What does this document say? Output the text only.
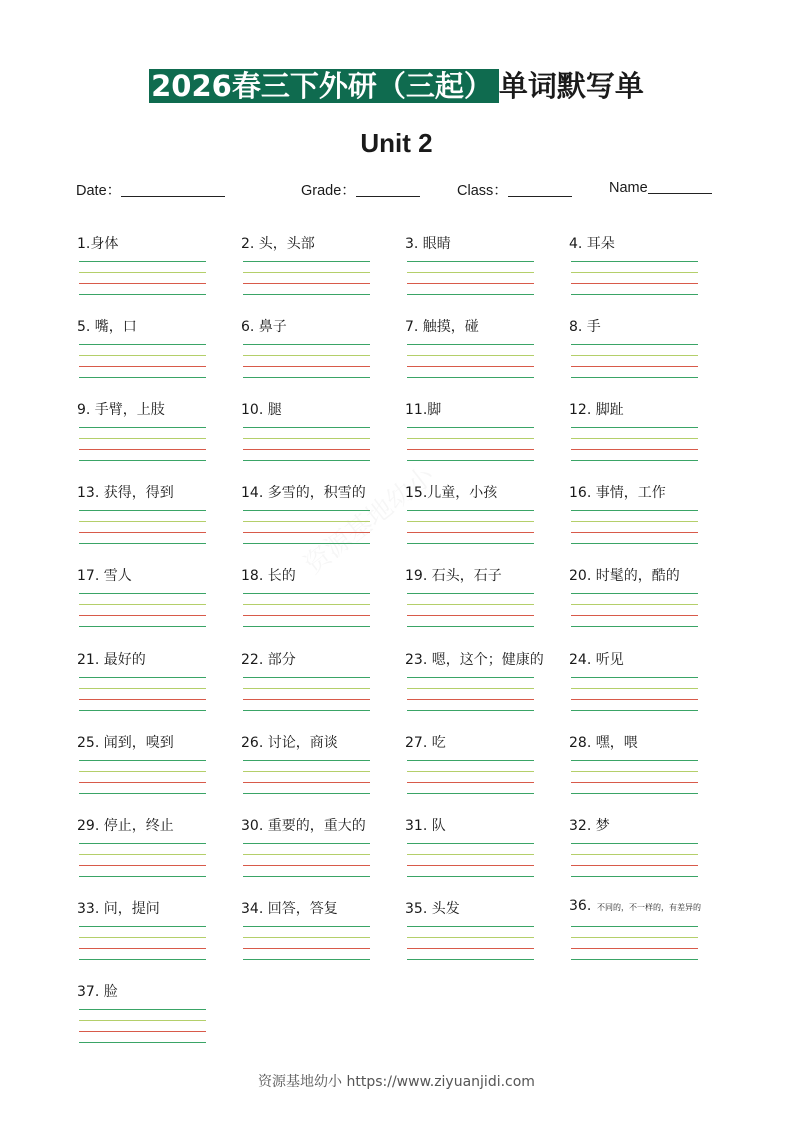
2026春三下外研（三起） 单词默写单
Unit 2
Date：	Grade：	Class：	Name
1.身体	2. 头，头部	3. 眼睛	4. 耳朵
5. 嘴，口	6. 鼻子	7. 触摸，碰	8. 手
9. 手臂，上肢	10. 腿	11.脚	12. 脚趾
13. 获得，得到	14. 多雪的，积雪的	15.儿童，小孩	16. 事情，工作
17. 雪人	18. 长的	19. 石头，石子	20. 时髦的，酷的
21. 最好的	22. 部分	23. 嗯，这个；健康的 24. 听见
25. 闻到，嗅到	26. 讨论，商谈	27. 吃	28. 嘿，喂
29. 停止，终止	30. 重要的，重大的	31. 队	32. 梦
33. 问，提问	34. 回答，答复	35. 头发	36. 不同的，不一样的，有差异的
37. 脸
资源基地幼小 https://www.ziyuanjidi.com
